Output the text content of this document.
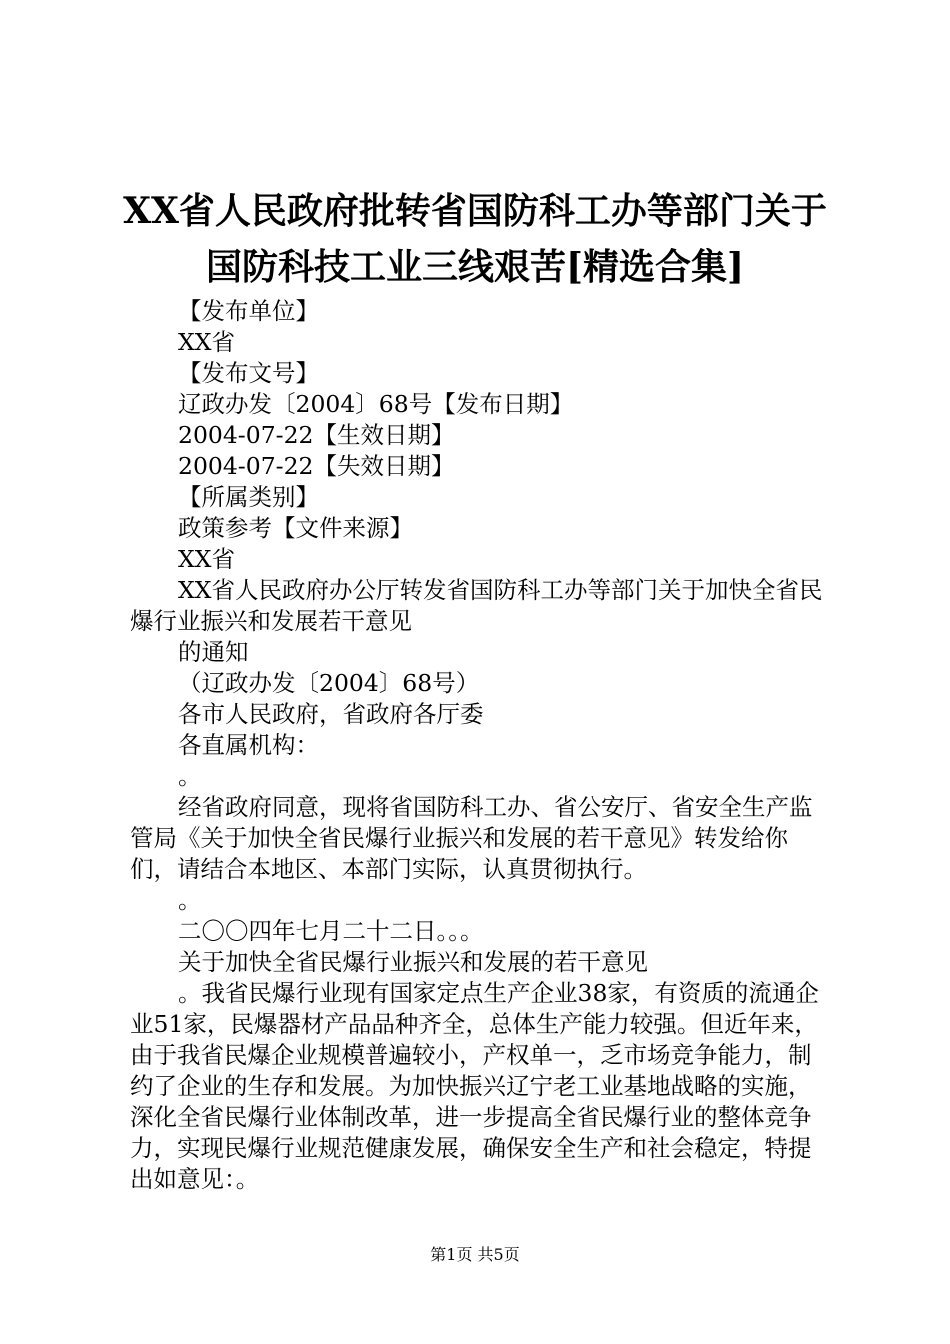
XX省人民政府批转省国防科工办等部门关于
国防科技工业三线艰苦[精选合集]

【发布单位】

XX省

【发布文号】

辽政办发〔2004〕68号【发布日期】

2004-07-22【生效日期】

2004-07-22【失效日期】

【所属类别】

政策参考【文件来源】

XX省

XX省人民政府办公厅转发省国防科工办等部门关于加快全省民爆行业振兴和发展若干意见

的通知

（辽政办发〔2004〕68号）

各市人民政府，省政府各厅委

各直属机构：

。

经省政府同意，现将省国防科工办、省公安厅、省安全生产监管局《关于加快全省民爆行业振兴和发展的若干意见》转发给你们，请结合本地区、本部门实际，认真贯彻执行。

。

二〇〇四年七月二十二日。。。

关于加快全省民爆行业振兴和发展的若干意见

。我省民爆行业现有国家定点生产企业38家，有资质的流通企业51家，民爆器材产品品种齐全，总体生产能力较强。但近年来，由于我省民爆企业规模普遍较小，产权单一，乏市场竞争能力，制约了企业的生存和发展。为加快振兴辽宁老工业基地战略的实施，深化全省民爆行业体制改革，进一步提高全省民爆行业的整体竞争力，实现民爆行业规范健康发展，确保安全生产和社会稳定，特提出如意见：。

第1页 共5页
